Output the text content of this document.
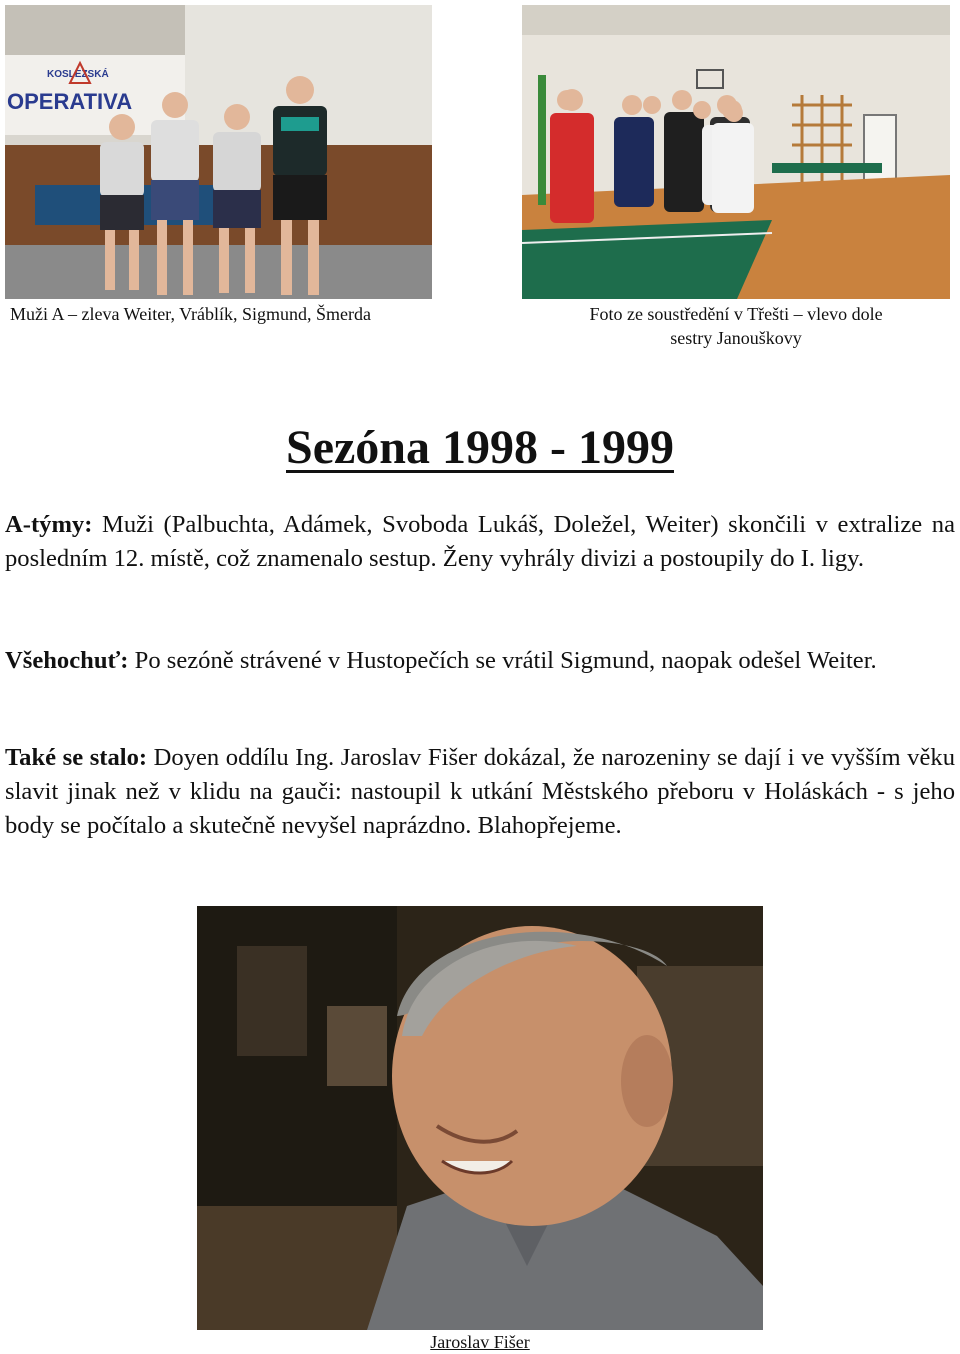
KOSLEZSKÁ
OPERATIVA
Muži A – zleva Weiter, Vráblík, Sigmund, Šmerda	Foto ze soustředění v Třešti – vlevo dole
sestry Janouškovy
Sezóna 1998 - 1999

A-týmy: Muži (Palbuchta, Adámek, Svoboda Lukáš, Doležel, Weiter) skončili v extralize na posledním 12. místě, což znamenalo sestup. Ženy vyhrály divizi a postoupily do I. ligy.

Všehochuť: Po sezóně strávené v Hustopečích se vrátil Sigmund, naopak odešel Weiter.

Také se stalo: Doyen oddílu Ing. Jaroslav Fišer dokázal, že narozeniny se dají i ve vyšším věku slavit jinak než v klidu na gauči: nastoupil k utkání Městského přeboru v Holáskách - s jeho body se počítalo a skutečně nevyšel naprázdno. Blahopřejeme.

Jaroslav Fišer
